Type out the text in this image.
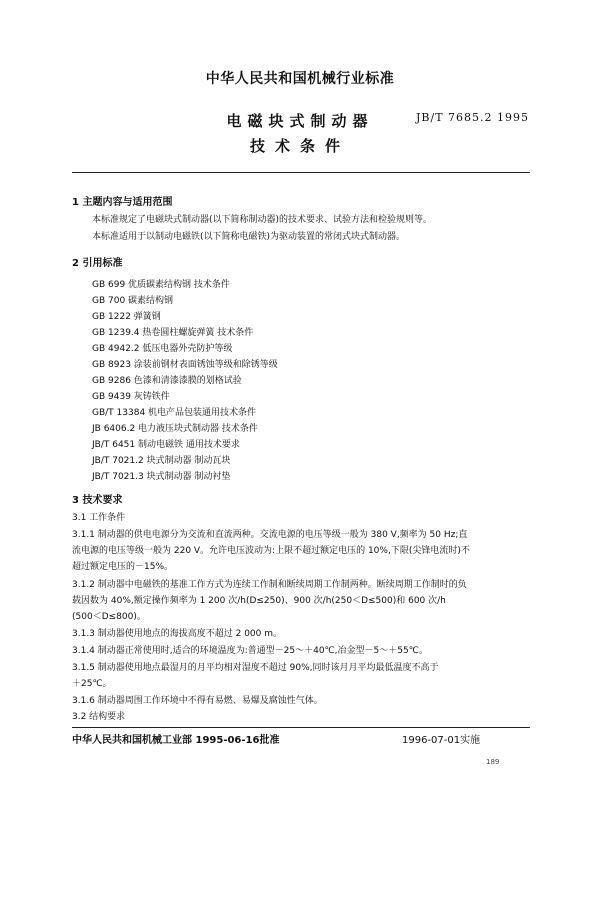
中华人民共和国机械行业标准
电磁块式制动器
技术条件
JB/T 7685.2 1995
1 主题内容与适用范围
本标准规定了电磁块式制动器(以下简称制动器)的技术要求、试验方法和检验规则等。
本标准适用于以制动电磁铁(以下简称电磁铁)为驱动装置的常闭式块式制动器。
2 引用标准
GB 699 优质碳素结构钢 技术条件
GB 700 碳素结构钢
GB 1222 弹簧钢
GB 1239.4 热卷圆柱螺旋弹簧 技术条件
GB 4942.2 低压电器外壳防护等级
GB 8923 涂装前钢材表面锈蚀等级和除锈等级
GB 9286 色漆和清漆漆膜的划格试验
GB 9439 灰铸铁件
GB/T 13384 机电产品包装通用技术条件
JB 6406.2 电力液压块式制动器 技术条件
JB/T 6451 制动电磁铁 通用技术要求
JB/T 7021.2 块式制动器 制动瓦块
JB/T 7021.3 块式制动器 制动衬垫
3 技术要求
3.1 工作条件
3.1.1 制动器的供电电源分为交流和直流两种。交流电源的电压等级一般为 380 V,频率为 50 Hz;直
流电源的电压等级一般为 220 V。允许电压波动为:上限不超过额定电压的 10%,下限(尖锋电流时)不
超过额定电压的－15%。
3.1.2 制动器中电磁铁的基准工作方式为连续工作制和断续周期工作制两种。断续周期工作制时的负
载因数为 40%,额定操作频率为 1 200 次/h(D≤250)、900 次/h(250＜D≤500)和 600 次/h
(500＜D≤800)。
3.1.3 制动器使用地点的海拔高度不超过 2 000 m。
3.1.4 制动器正常使用时,适合的环境温度为:普通型－25～＋40℃,冶金型－5～＋55℃。
3.1.5 制动器使用地点最湿月的月平均相对湿度不超过 90%,同时该月月平均最低温度不高于
＋25℃。
3.1.6 制动器周围工作环境中不得有易燃、易爆及腐蚀性气体。
中华人民共和国机械工业部 1995-06-16批准	1996-07-01实施
189
3.2 结构要求
